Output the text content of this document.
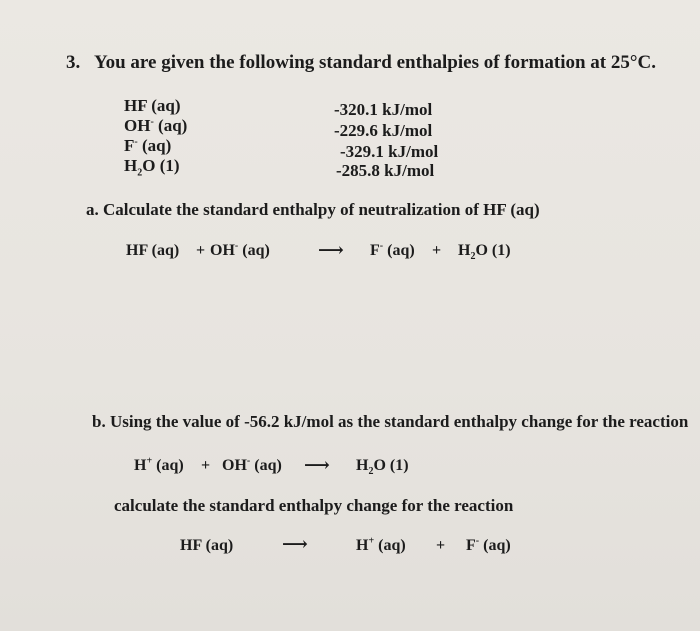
3. You are given the following standard enthalpies of formation at 25°C.
HF (aq)	-320.1 kJ/mol
OH- (aq)	-229.6 kJ/mol
F- (aq)	-329.1 kJ/mol
$H_2O$ (1)	-285.8 kJ/mol
a. Calculate the standard enthalpy of neutralization of HF (aq)
HF (aq) + OH- (aq)	⟶ F- $(aq) + H_2O$ (1)
b. Using the value of -56.2 kJ/mol as the standard enthalpy change for the reaction
H+ (aq) + OH- (aq) ⟶ $H_2O$ (1)
calculate the standard enthalpy change for the reaction
HF (aq)	⟶	H+ (aq) + F- (aq)
